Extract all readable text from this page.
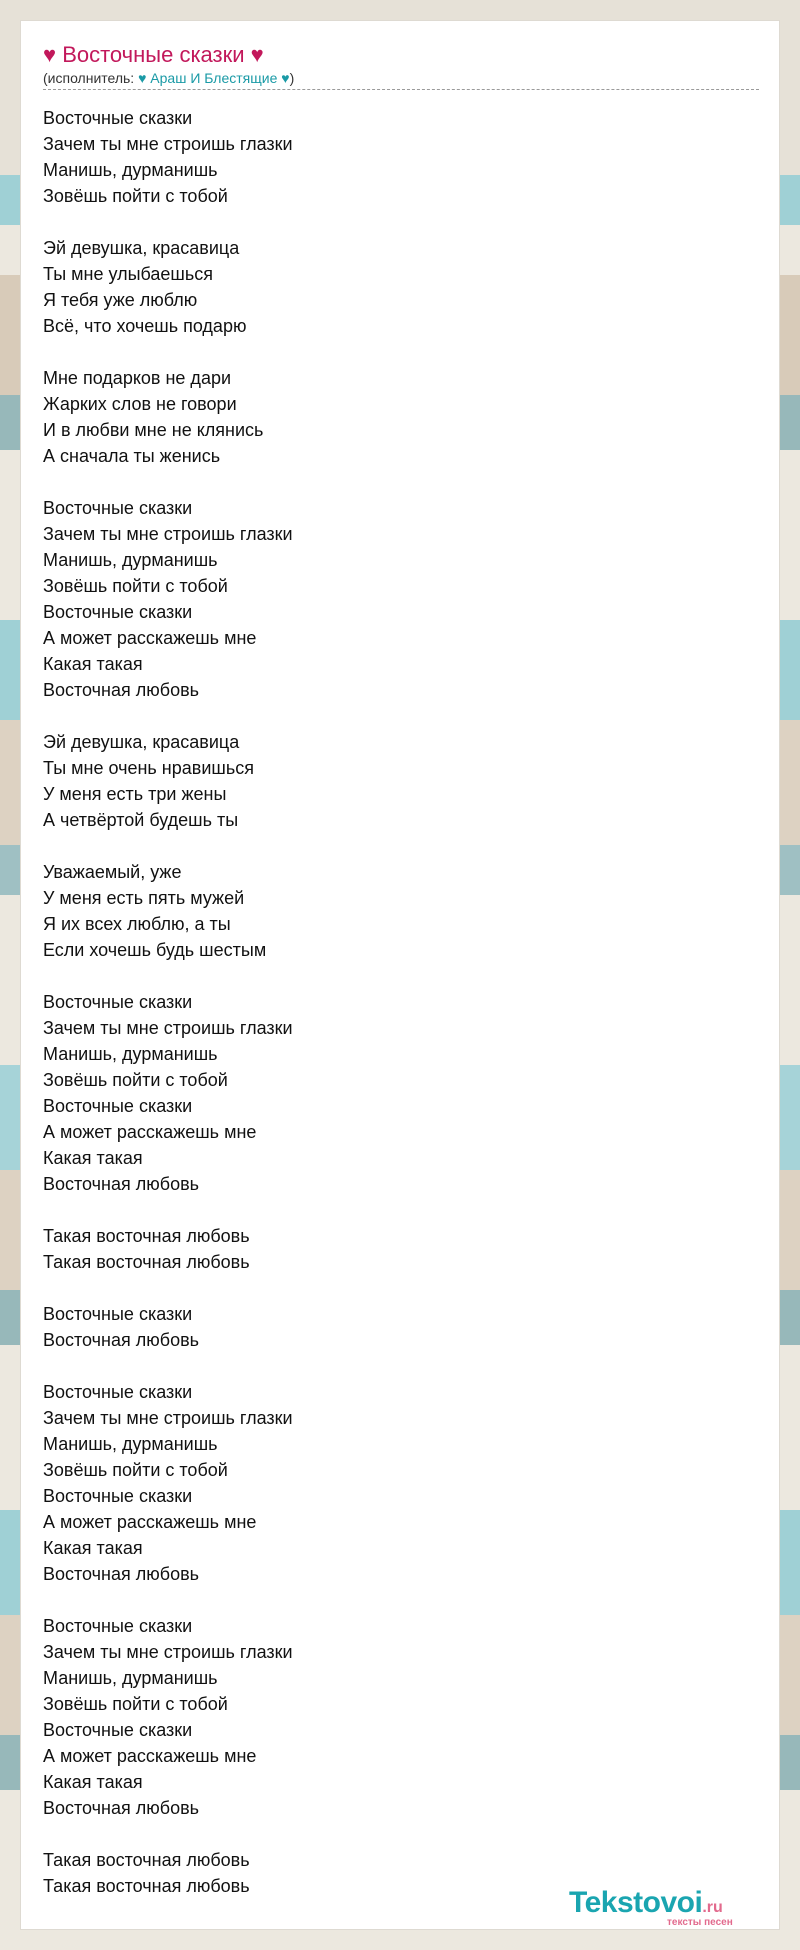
♥ Восточные сказки ♥
(исполнитель: ♥ Араш И Блестящие ♥)
Восточные сказки
Зачем ты мне строишь глазки
Манишь, дурманишь
Зовёшь пойти с тобой
Эй девушка, красавица
Ты мне улыбаешься
Я тебя уже люблю
Всё, что хочешь подарю
Мне подарков не дари
Жарких слов не говори
И в любви мне не клянись
А сначала ты женись
Восточные сказки
Зачем ты мне строишь глазки
Манишь, дурманишь
Зовёшь пойти с тобой
Восточные сказки
А может расскажешь мне
Какая такая
Восточная любовь
Эй девушка, красавица
Ты мне очень нравишься
У меня есть три жены
А четвёртой будешь ты
Уважаемый, уже
У меня есть пять мужей
Я их всех люблю, а ты
Если хочешь будь шестым
Восточные сказки
Зачем ты мне строишь глазки
Манишь, дурманишь
Зовёшь пойти с тобой
Восточные сказки
А может расскажешь мне
Какая такая
Восточная любовь
Такая восточная любовь
Такая восточная любовь
Восточные сказки
Восточная любовь
Восточные сказки
Зачем ты мне строишь глазки
Манишь, дурманишь
Зовёшь пойти с тобой
Восточные сказки
А может расскажешь мне
Какая такая
Восточная любовь
Восточные сказки
Зачем ты мне строишь глазки
Манишь, дурманишь
Зовёшь пойти с тобой
Восточные сказки
А может расскажешь мне
Какая такая
Восточная любовь
Такая восточная любовь
Такая восточная любовь	Tekstovoi.ru
тексты песен
